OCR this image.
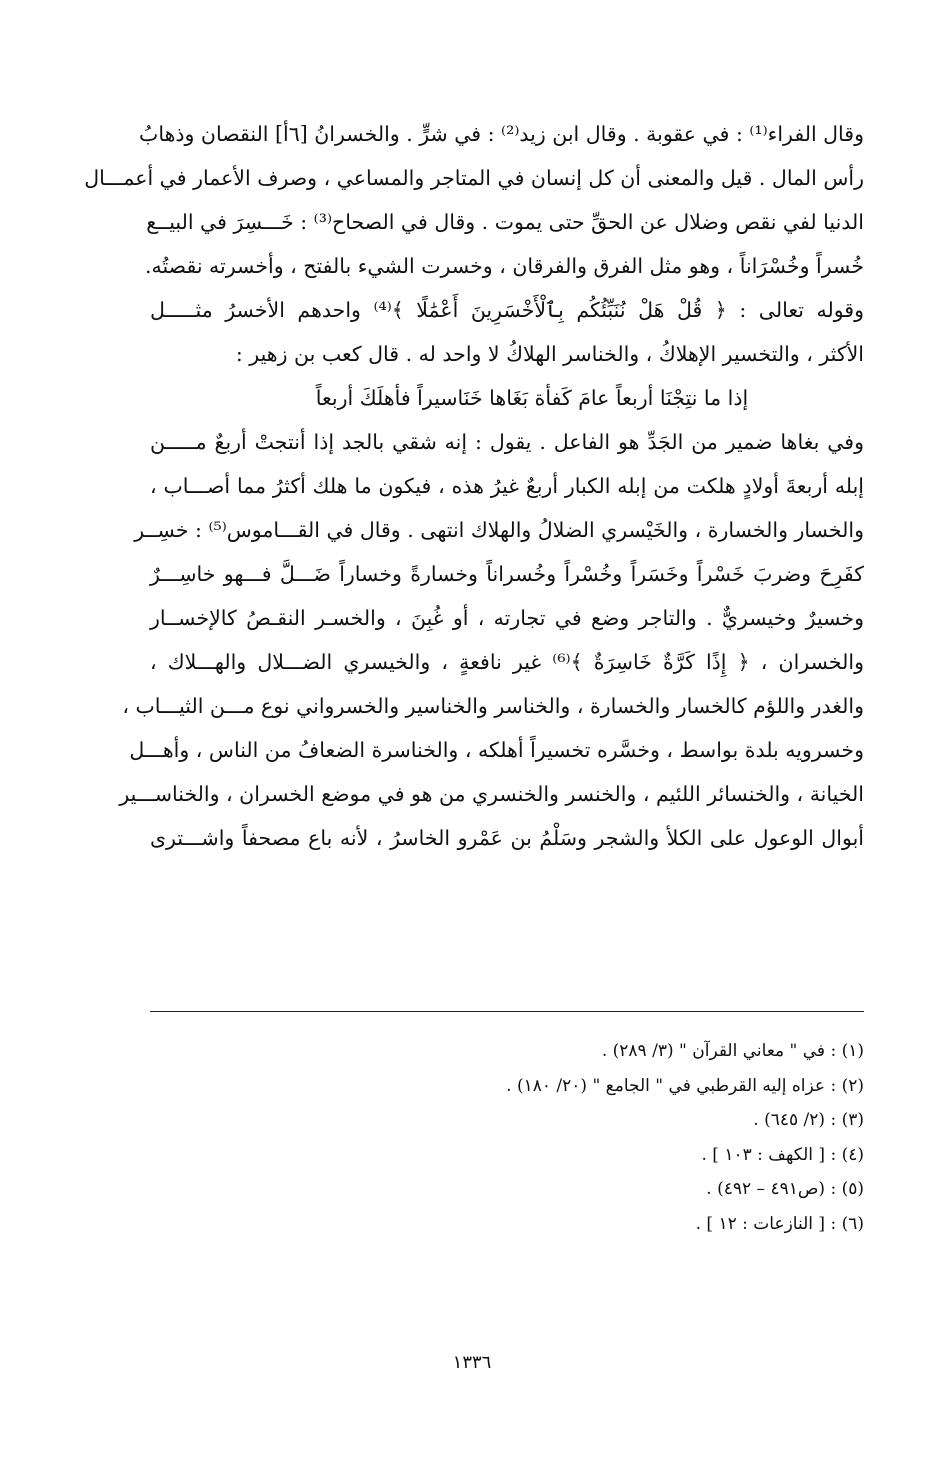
وقال الفراء⁽¹⁾ : في عقوبة . وقال ابن زيد⁽²⁾ : في شرٍّ . والخسرانُ [٦أ] النقصان وذهابُ
رأس المال . قيل والمعنى أن كل إنسان في المتاجر والمساعي ، وصرف الأعمار في أعمـــال
الدنيا لفي نقص وضلال عن الحقِّ حتى يموت . وقال في الصحاح⁽³⁾ : خَـــسِرَ في البيــع
خُسراً وخُسْرَاناً ، وهو مثل الفرق والفرقان ، وخسرت الشيء بالفتح ، وأخسرته نقصتُه.
وقوله تعالى : ﴿ قُلْ هَلْ نُنَبِّئُكُم بِٱلْأَخْسَرِينَ أَعْمَٰلًا ﴾⁽⁴⁾ واحدهم الأخسرُ مثـــــل
الأكثر ، والتخسير الإهلاكُ ، والخناسر الهلاكُ لا واحد له . قال كعب بن زهير :
إذا ما نتِجْنَا أربعاً عامَ كَفأة بَغَاها خَنَاسيراً فأهلَكَ أربعاً
وفي بغاها ضمير من الجَدِّ هو الفاعل . يقول : إنه شقي بالجد إذا أنتجتْ أربعٌ مـــــن
إبله أربعةَ أولادٍ هلكت من إبله الكبار أربعٌ غيرُ هذه ، فيكون ما هلك أكثرُ مما أصـــاب ،
والخسار والخسارة ، والخَيْسري الضلالُ والهلاك انتهى . وقال في القـــاموس⁽⁵⁾ : خسِــر
كفَرِحَ وضربَ خَسْراً وخَسَراً وخُسْراً وخُسراناً وخسارةً وخساراً ضَـــلَّ فـــهو خاسِـــرٌ
وخسيرٌ وخيسريٌّ . والتاجر وضع في تجارته ، أو غُبِنَ ، والخسـر النقـصُ كالإخســار
والخسران ، ﴿ إِذًا كَرَّةٌ خَاسِرَةٌ ﴾⁽⁶⁾ غير نافعةٍ ، والخيسري الضـــلال والهـــلاك ،
والغدر واللؤم كالخسار والخسارة ، والخناسر والخناسير والخسرواني نوع مـــن الثيـــاب ،
وخسرويه بلدة بواسط ، وخسَّره تخسيراً أهلكه ، والخناسرة الضعافُ من الناس ، وأهـــل
الخيانة ، والخنسائر اللئيم ، والخنسر والخنسري من هو في موضع الخسران ، والخناســـير
أبوال الوعول على الكلأ والشجر وسَلْمُ بن عَمْرو الخاسرُ ، لأنه باع مصحفاً واشـــترى
(١) : في " معاني القرآن " (٣/ ٢٨٩) .
(٢) : عزاه إليه القرطبي في " الجامع " (٢٠/ ١٨٠) .
(٣) : (٢/ ٦٤٥) .
(٤) : [ الكهف : ١٠٣ ] .
(٥) : (ص٤٩١ – ٤٩٢) .
(٦) : [ النازعات : ١٢ ] .
١٣٣٦
